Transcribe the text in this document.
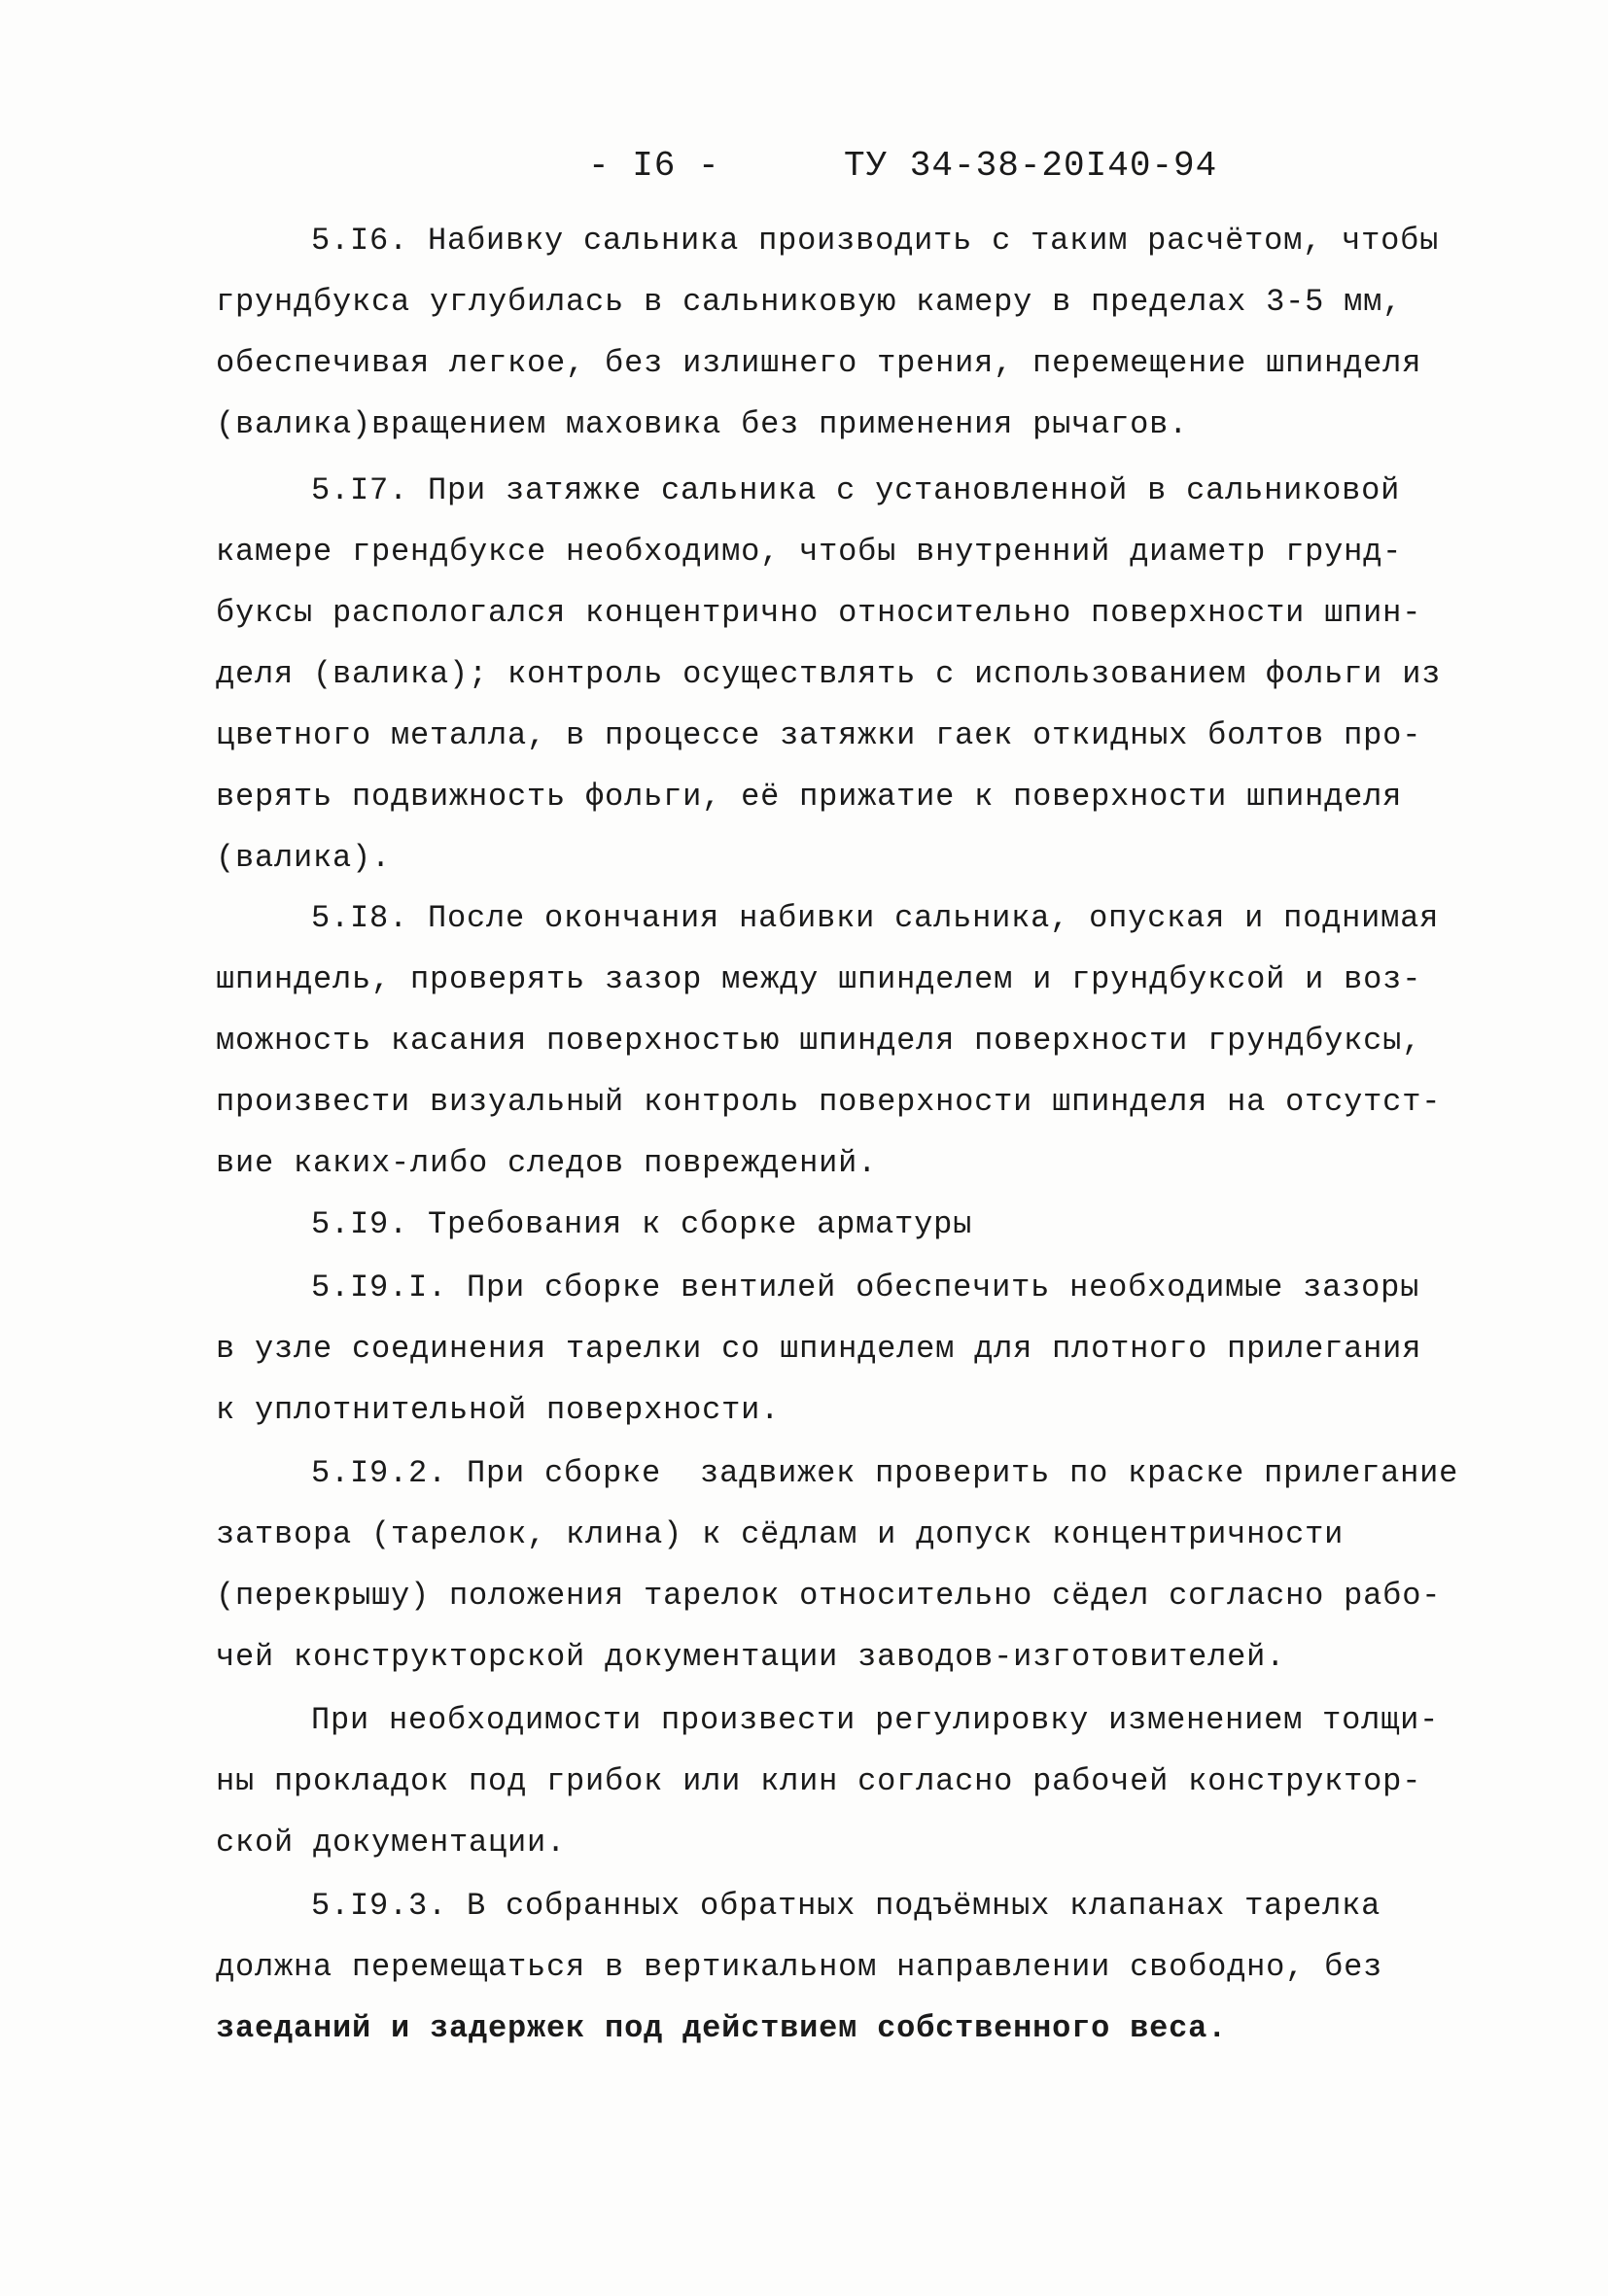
- I6 -	ТУ 34-38-20I40-94
5.I6. Набивку сальника производить с таким расчётом, чтобы
грундбукса углубилась в сальниковую камеру в пределах 3-5 мм,
обеспечивая легкое, без излишнего трения, перемещение шпинделя
(валика)вращением маховика без применения рычагов.
5.I7. При затяжке сальника с установленной в сальниковой
камере грендбуксе необходимо, чтобы внутренний диаметр грунд-
буксы распологался концентрично относительно поверхности шпин-
деля (валика); контроль осуществлять с использованием фольги из
цветного металла, в процессе затяжки гаек откидных болтов про-
верять подвижность фольги, её прижатие к поверхности шпинделя
(валика).
5.I8. После окончания набивки сальника, опуская и поднимая
шпиндель, проверять зазор между шпинделем и грундбуксой и воз-
можность касания поверхностью шпинделя поверхности грундбуксы,
произвести визуальный контроль поверхности шпинделя на отсутст-
вие каких-либо следов повреждений.
5.I9. Требования к сборке арматуры
5.I9.I. При сборке вентилей обеспечить необходимые зазоры
в узле соединения тарелки со шпинделем для плотного прилегания
к уплотнительной поверхности.
5.I9.2. При сборке  задвижек проверить по краске прилегание
затвора (тарелок, клина) к сёдлам и допуск концентричности
(перекрышу) положения тарелок относительно сёдел согласно рабо-
чей конструкторской документации заводов-изготовителей.
При необходимости произвести регулировку изменением толщи-
ны прокладок под грибок или клин согласно рабочей конструктор-
ской документации.
5.I9.3. В собранных обратных подъёмных клапанах тарелка
должна перемещаться в вертикальном направлении свободно, без
заеданий и задержек под действием собственного веса.
